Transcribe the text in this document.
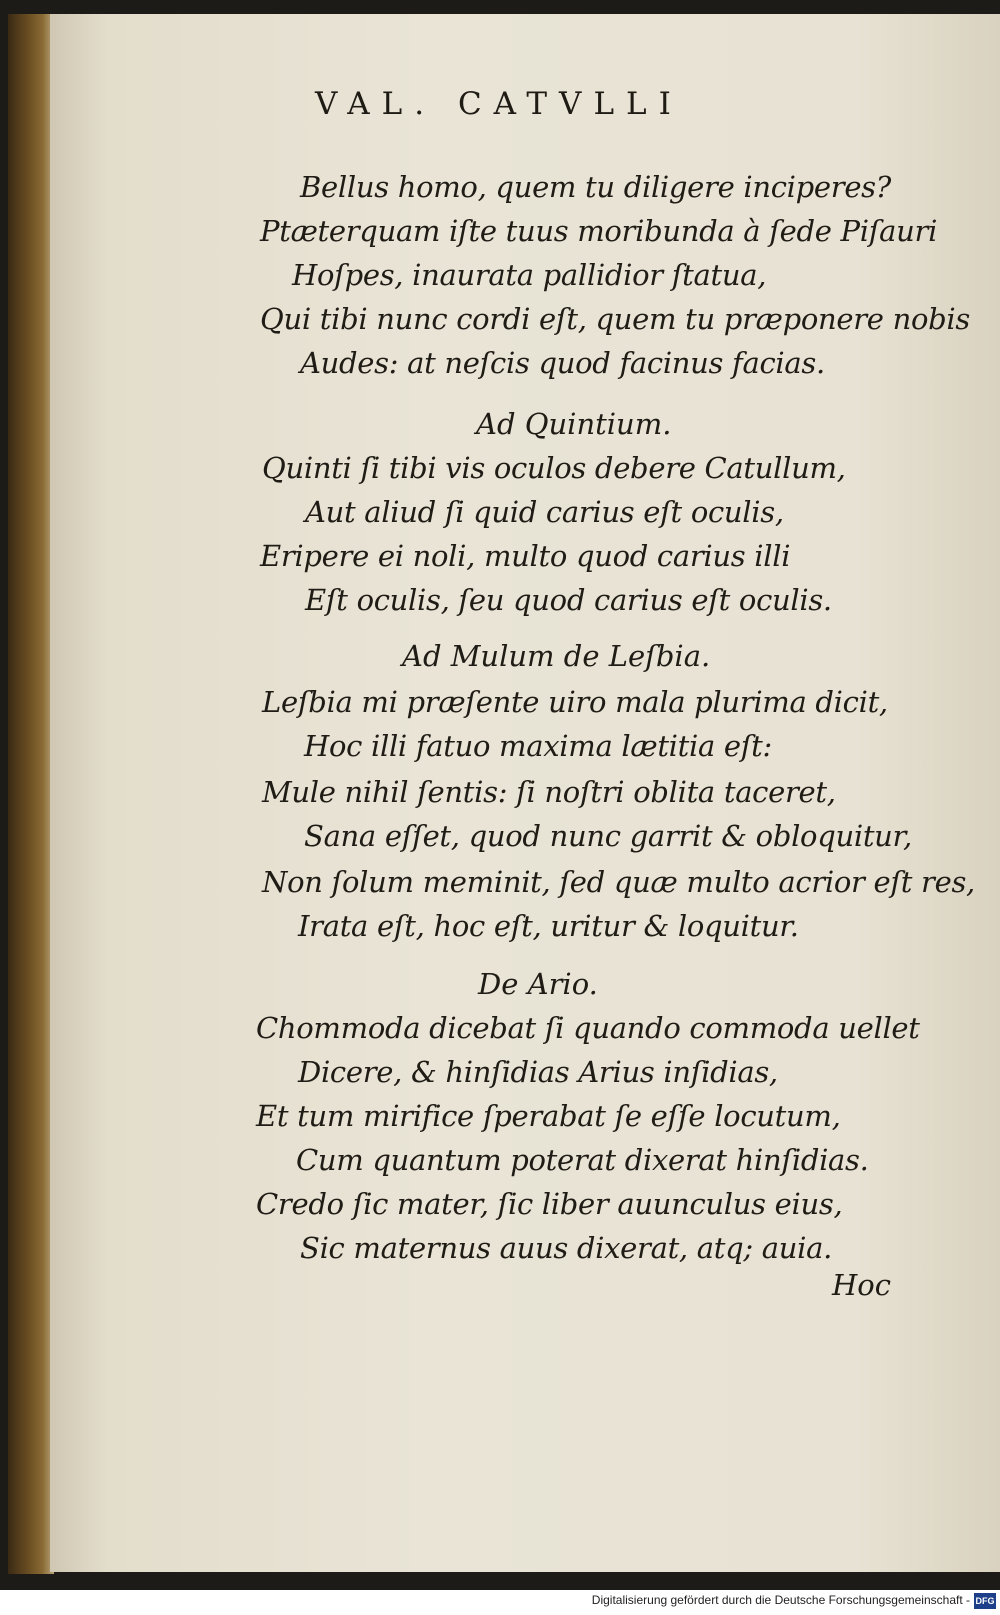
VAL. CATVLLI
Bellus homo, quem tu diligere inciperes?
Ptæterquam iſte tuus moribunda à ſede Piſauri
Hoſpes, inaurata pallidior ſtatua,
Qui tibi nunc cordi eſt, quem tu præponere nobis
Audes: at neſcis quod facinus facias.
Ad Quintium.
Quinti ſi tibi vis oculos debere Catullum,
Aut aliud ſi quid carius eſt oculis,
Eripere ei noli, multo quod carius illi
Eſt oculis, ſeu quod carius eſt oculis.
Ad Mulum de Leſbia.
Leſbia mi præſente uiro mala plurima dicit,
Hoc illi fatuo maxima lætitia eſt:
Mule nihil ſentis: ſi noſtri oblita taceret,
Sana eſſet, quod nunc garrit & obloquitur,
Non ſolum meminit, ſed quæ multo acrior eſt res,
Irata eſt, hoc eſt, uritur & loquitur.
De Ario.
Chommoda dicebat ſi quando commoda uellet
Dicere, & hinſidias Arius inſidias,
Et tum mirifice ſperabat ſe eſſe locutum,
Cum quantum poterat dixerat hinſidias.
Credo ſic mater, ſic liber auunculus eius,
Sic maternus auus dixerat, atq; auia.
Hoc
Digitalisierung gefördert durch die Deutsche Forschungsgemeinschaft - DFG
